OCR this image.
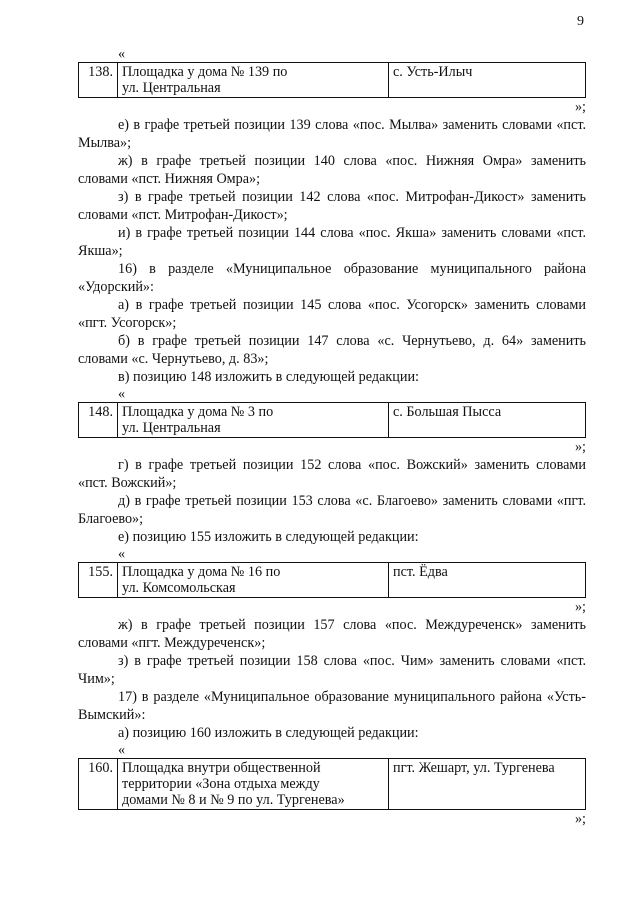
9
«
138.	Площадка у дома № 139 по
ул. Центральная
	с. Усть-Илыч
»;

е) в графе третьей позиции 139 слова «пос. Мылва» заменить словами «пст. Мылва»;

ж) в графе третьей позиции 140 слова «пос. Нижняя Омра» заменить словами «пст. Нижняя Омра»;

з) в графе третьей позиции 142 слова «пос. Митрофан-Дикост» заменить словами «пст. Митрофан-Дикост»;

и) в графе третьей позиции 144 слова «пос. Якша» заменить словами «пст. Якша»;

16) в разделе «Муниципальное образование муниципального района «Удорский»:

а) в графе третьей позиции 145 слова «пос. Усогорск» заменить словами «пгт. Усогорск»;

б) в графе третьей позиции 147 слова «с. Чернутьево, д. 64» заменить словами «с. Чернутьево, д. 83»;

в) позицию 148 изложить в следующей редакции:

«
148.	Площадка у дома № 3 по
ул. Центральная
	с. Большая Пысса
»;

г) в графе третьей позиции 152 слова «пос. Вожский» заменить словами «пст. Вожский»;

д) в графе третьей позиции 153 слова «с. Благоево» заменить словами «пгт. Благоево»;

е) позицию 155 изложить в следующей редакции:

«
155.	Площадка у дома № 16 по
ул. Комсомольская
	пст. Ёдва
»;

ж) в графе третьей позиции 157 слова «пос. Междуреченск» заменить словами «пгт. Междуреченск»;

з) в графе третьей позиции 158 слова «пос. Чим» заменить словами «пст. Чим»;

17) в разделе «Муниципальное образование муниципального района «Усть-Вымский»:

а) позицию 160 изложить в следующей редакции:

«
160.	Площадка внутри общественной
территории «Зона отдыха между
домами № 8 и № 9 по ул. Тургенева»
	пгт. Жешарт, ул. Тургенева
»;
